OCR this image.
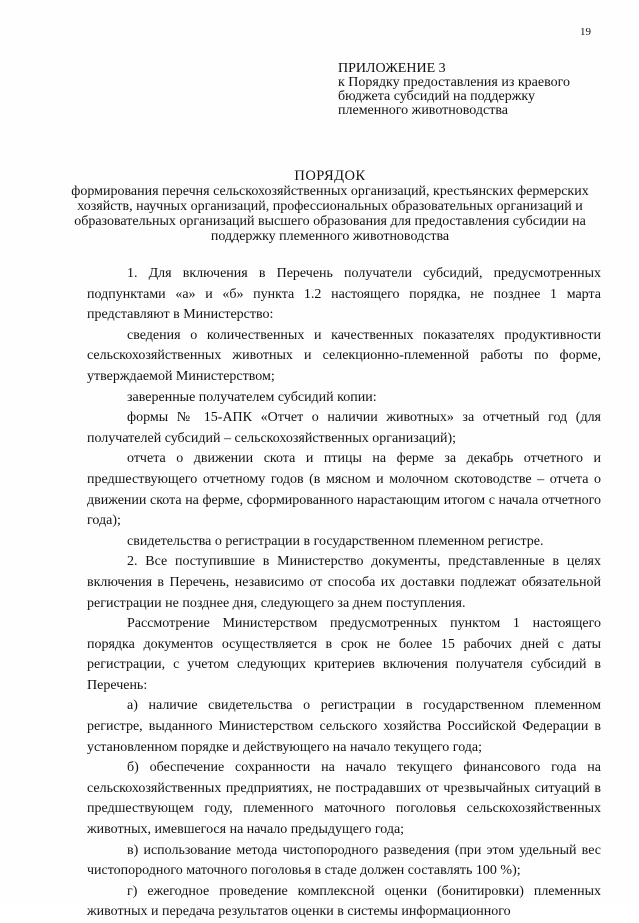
19
ПРИЛОЖЕНИЕ 3
к Порядку предоставления из краевого бюджета субсидий на поддержку племенного животноводства
ПОРЯДОК
формирования перечня сельскохозяйственных организаций, крестьянских фермерских хозяйств, научных организаций, профессиональных образовательных организаций и образовательных организаций высшего образования для предоставления субсидии на поддержку племенного животноводства

1. Для включения в Перечень получатели субсидий, предусмотренных подпунктами «а» и «б» пункта 1.2 настоящего порядка, не позднее 1 марта представляют в Министерство:

сведения о количественных и качественных показателях продуктивности сельскохозяйственных животных и селекционно-племенной работы по форме, утверждаемой Министерством;

заверенные получателем субсидий копии:

формы № 15-АПК «Отчет о наличии животных» за отчетный год (для получателей субсидий – сельскохозяйственных организаций);

отчета о движении скота и птицы на ферме за декабрь отчетного и предшествующего отчетному годов (в мясном и молочном скотоводстве – отчета о движении скота на ферме, сформированного нарастающим итогом с начала отчетного года);

свидетельства о регистрации в государственном племенном регистре.

2. Все поступившие в Министерство документы, представленные в целях включения в Перечень, независимо от способа их доставки подлежат обязательной регистрации не позднее дня, следующего за днем поступления.

Рассмотрение Министерством предусмотренных пунктом 1 настоящего порядка документов осуществляется в срок не более 15 рабочих дней с даты регистрации, с учетом следующих критериев включения получателя субсидий в Перечень:

а) наличие свидетельства о регистрации в государственном племенном регистре, выданного Министерством сельского хозяйства Российской Федерации в установленном порядке и действующего на начало текущего года;

б) обеспечение сохранности на начало текущего финансового года на сельскохозяйственных предприятиях, не пострадавших от чрезвычайных ситуаций в предшествующем году, племенного маточного поголовья сельскохозяйственных животных, имевшегося на начало предыдущего года;

в) использование метода чистопородного разведения (при этом удельный вес чистопородного маточного поголовья в стаде должен составлять 100 %);

г) ежегодное проведение комплексной оценки (бонитировки) племенных животных и передача результатов оценки в системы информационного
